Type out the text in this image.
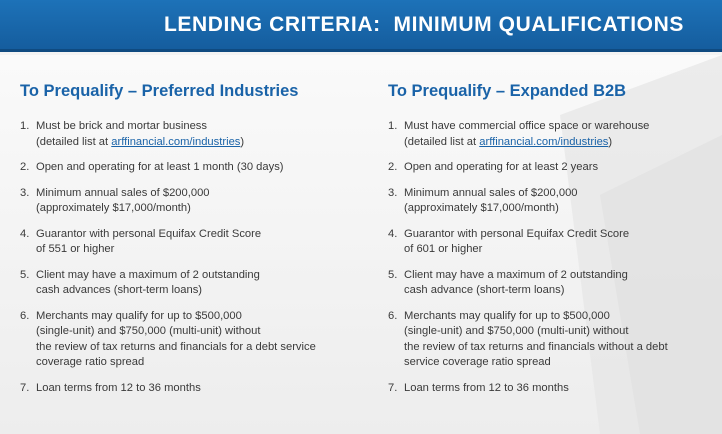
LENDING CRITERIA:  MINIMUM QUALIFICATIONS
To Prequalify – Preferred Industries
1. Must be brick and mortar business
(detailed list at arffinancial.com/industries)
2. Open and operating for at least 1 month (30 days)
3. Minimum annual sales of $200,000
(approximately $17,000/month)
4. Guarantor with personal Equifax Credit Score
of 551 or higher
5. Client may have a maximum of 2 outstanding
cash advances (short-term loans)
6. Merchants may qualify for up to $500,000
(single-unit) and $750,000 (multi-unit) without
the review of tax returns and financials for a debt service
coverage ratio spread
7. Loan terms from 12 to 36 months
To Prequalify – Expanded B2B
1. Must have commercial office space or warehouse
(detailed list at arffinancial.com/industries)
2. Open and operating for at least 2 years
3. Minimum annual sales of $200,000
(approximately $17,000/month)
4. Guarantor with personal Equifax Credit Score
of 601 or higher
5. Client may have a maximum of 2 outstanding
cash advance (short-term loans)
6. Merchants may qualify for up to $500,000
(single-unit) and $750,000 (multi-unit) without
the review of tax returns and financials without a debt
service coverage ratio spread
7. Loan terms from 12 to 36 months
